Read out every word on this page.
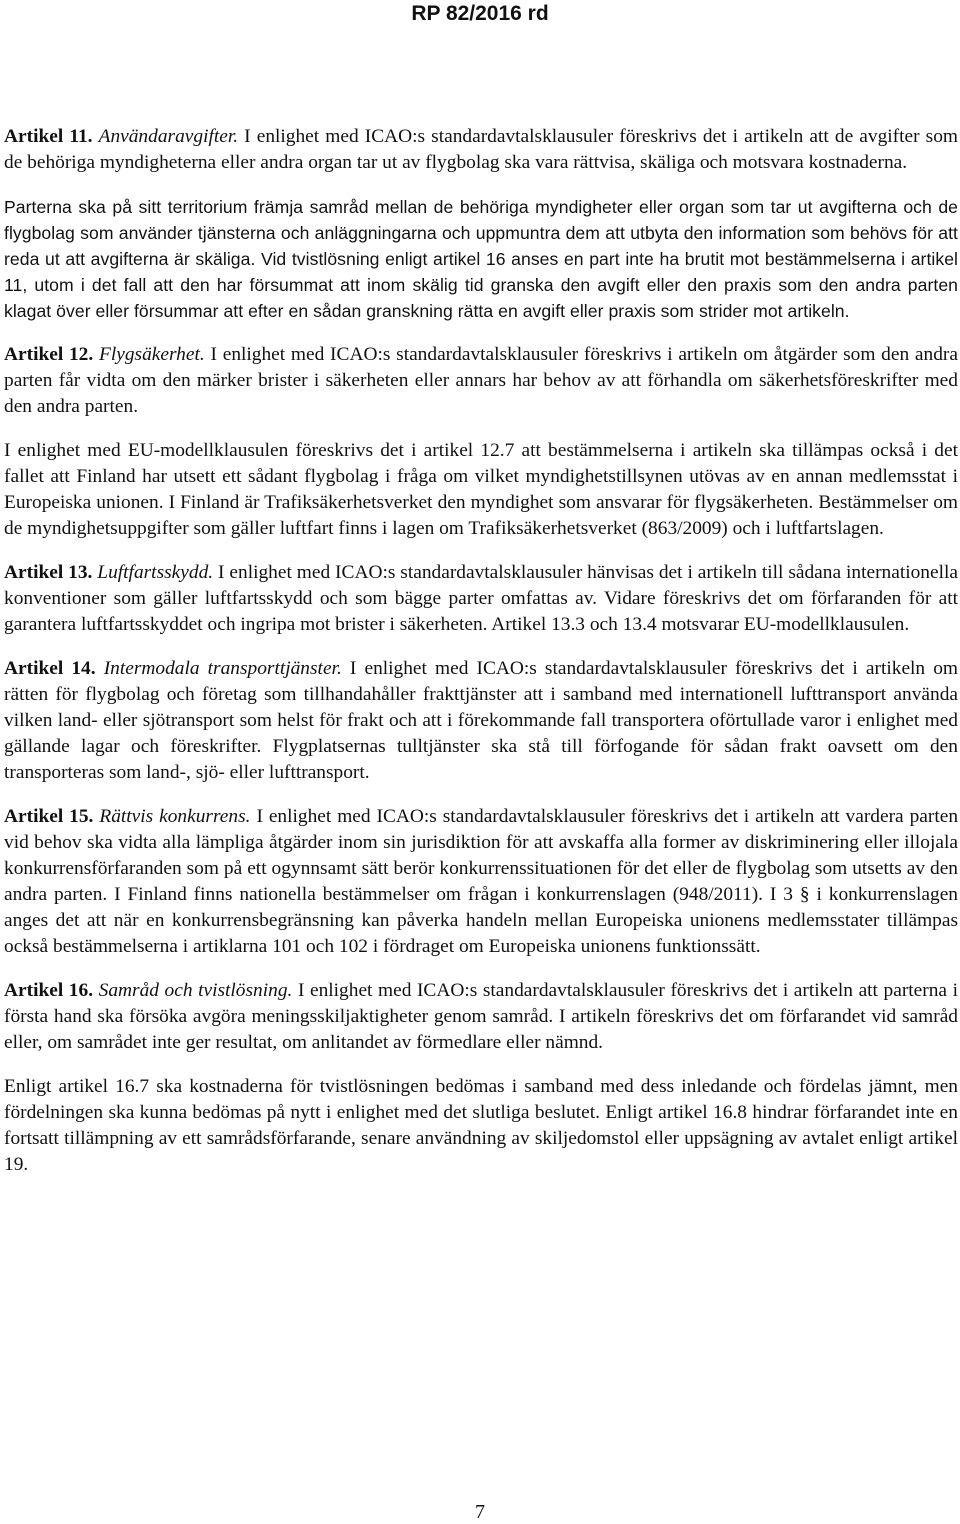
RP 82/2016 rd

Artikel 11. Användaravgifter. I enlighet med ICAO:s standardavtalsklausuler föreskrivs det i artikeln att de avgifter som de behöriga myndigheterna eller andra organ tar ut av flygbolag ska vara rättvisa, skäliga och motsvara kostnaderna.

Parterna ska på sitt territorium främja samråd mellan de behöriga myndigheter eller organ som tar ut avgifterna och de flygbolag som använder tjänsterna och anläggningarna och uppmuntra dem att utbyta den information som behövs för att reda ut att avgifterna är skäliga. Vid tvistlösning enligt artikel 16 anses en part inte ha brutit mot bestämmelserna i artikel 11, utom i det fall att den har försummat att inom skälig tid granska den avgift eller den praxis som den andra parten klagat över eller försummar att efter en sådan granskning rätta en avgift eller praxis som strider mot artikeln.

Artikel 12. Flygsäkerhet. I enlighet med ICAO:s standardavtalsklausuler föreskrivs i artikeln om åtgärder som den andra parten får vidta om den märker brister i säkerheten eller annars har behov av att förhandla om säkerhetsföreskrifter med den andra parten.

I enlighet med EU-modellklausulen föreskrivs det i artikel 12.7 att bestämmelserna i artikeln ska tillämpas också i det fallet att Finland har utsett ett sådant flygbolag i fråga om vilket myndighetstillsynen utövas av en annan medlemsstat i Europeiska unionen. I Finland är Trafiksäkerhetsverket den myndighet som ansvarar för flygsäkerheten. Bestämmelser om de myndighetsuppgifter som gäller luftfart finns i lagen om Trafiksäkerhetsverket (863/2009) och i luftfartslagen.

Artikel 13. Luftfartsskydd. I enlighet med ICAO:s standardavtalsklausuler hänvisas det i artikeln till sådana internationella konventioner som gäller luftfartsskydd och som bägge parter omfattas av. Vidare föreskrivs det om förfaranden för att garantera luftfartsskyddet och ingripa mot brister i säkerheten. Artikel 13.3 och 13.4 motsvarar EU-modellklausulen.

Artikel 14. Intermodala transporttjänster. I enlighet med ICAO:s standardavtalsklausuler föreskrivs det i artikeln om rätten för flygbolag och företag som tillhandahåller frakttjänster att i samband med internationell lufttransport använda vilken land- eller sjötransport som helst för frakt och att i förekommande fall transportera oförtullade varor i enlighet med gällande lagar och föreskrifter. Flygplatsernas tulltjänster ska stå till förfogande för sådan frakt oavsett om den transporteras som land-, sjö- eller lufttransport.

Artikel 15. Rättvis konkurrens. I enlighet med ICAO:s standardavtalsklausuler föreskrivs det i artikeln att vardera parten vid behov ska vidta alla lämpliga åtgärder inom sin jurisdiktion för att avskaffa alla former av diskriminering eller illojala konkurrensförfaranden som på ett ogynnsamt sätt berör konkurrenssituationen för det eller de flygbolag som utsetts av den andra parten. I Finland finns nationella bestämmelser om frågan i konkurrenslagen (948/2011). I 3 § i konkurrenslagen anges det att när en konkurrensbegränsning kan påverka handeln mellan Europeiska unionens medlemsstater tillämpas också bestämmelserna i artiklarna 101 och 102 i fördraget om Europeiska unionens funktionssätt.

Artikel 16. Samråd och tvistlösning. I enlighet med ICAO:s standardavtalsklausuler föreskrivs det i artikeln att parterna i första hand ska försöka avgöra meningsskiljaktigheter genom samråd. I artikeln föreskrivs det om förfarandet vid samråd eller, om samrådet inte ger resultat, om anlitandet av förmedlare eller nämnd.

Enligt artikel 16.7 ska kostnaderna för tvistlösningen bedömas i samband med dess inledande och fördelas jämnt, men fördelningen ska kunna bedömas på nytt i enlighet med det slutliga beslutet. Enligt artikel 16.8 hindrar förfarandet inte en fortsatt tillämpning av ett samrådsförfarande, senare användning av skiljedomstol eller uppsägning av avtalet enligt artikel 19.

7
